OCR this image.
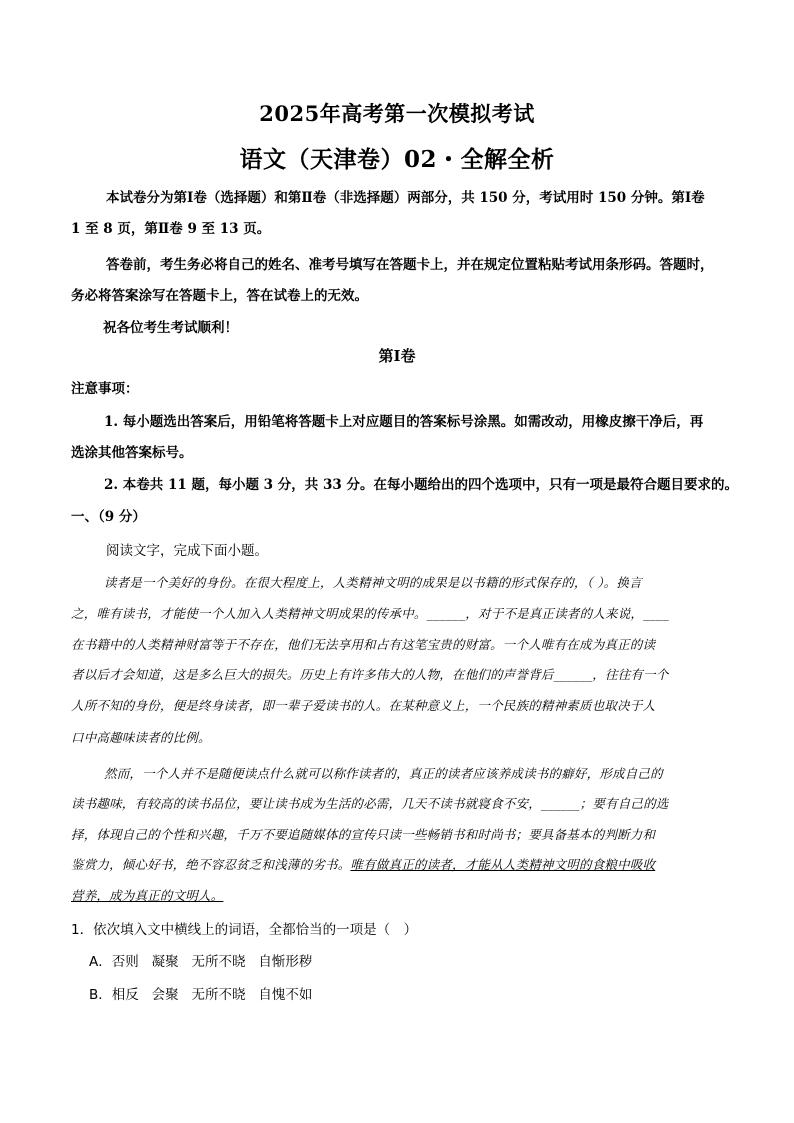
2025年高考第一次模拟考试
语文（天津卷）02・全解全析
本试卷分为第Ⅰ卷（选择题）和第Ⅱ卷（非选择题）两部分，共 150 分，考试用时 150 分钟。第Ⅰ卷
1 至 8 页，第Ⅱ卷 9 至 13 页。
答卷前，考生务必将自己的姓名、准考号填写在答题卡上，并在规定位置粘贴考试用条形码。答题时，
务必将答案涂写在答题卡上，答在试卷上的无效。
祝各位考生考试顺利！
第Ⅰ卷
注意事项：
1. 每小题选出答案后，用铅笔将答题卡上对应题目的答案标号涂黑。如需改动，用橡皮擦干净后，再
选涂其他答案标号。
2. 本卷共 11 题，每小题 3 分，共 33 分。在每小题给出的四个选项中，只有一项是最符合题目要求的。
一、（9 分）
阅读文字，完成下面小题。
读者是一个美好的身份。在很大程度上，人类精神文明的成果是以书籍的形式保存的，（ ）。换言
之，唯有读书，才能使一个人加入人类精神文明成果的传承中。______，对于不是真正读者的人来说，____
在书籍中的人类精神财富等于不存在，他们无法享用和占有这笔宝贵的财富。一个人唯有在成为真正的读
者以后才会知道，这是多么巨大的损失。历史上有许多伟大的人物，在他们的声誉背后______，往往有一个
人所不知的身份，便是终身读者，即一辈子爱读书的人。在某种意义上，一个民族的精神素质也取决于人
口中高趣味读者的比例。
然而，一个人并不是随便读点什么就可以称作读者的，真正的读者应该养成读书的癖好，形成自己的
读书趣味，有较高的读书品位，要让读书成为生活的必需，几天不读书就寝食不安，______；要有自己的选
择，体现自己的个性和兴趣，千万不要追随媒体的宣传只读一些畅销书和时尚书；要具备基本的判断力和
鉴赏力，倾心好书，绝不容忍贫乏和浅薄的劣书。唯有做真正的读者，才能从人类精神文明的食粮中吸收
营养，成为真正的文明人。
1．依次填入文中横线上的词语，全都恰当的一项是（　）
A．否则   凝聚   无所不晓   自惭形秽
B．相反   会聚   无所不晓   自愧不如
